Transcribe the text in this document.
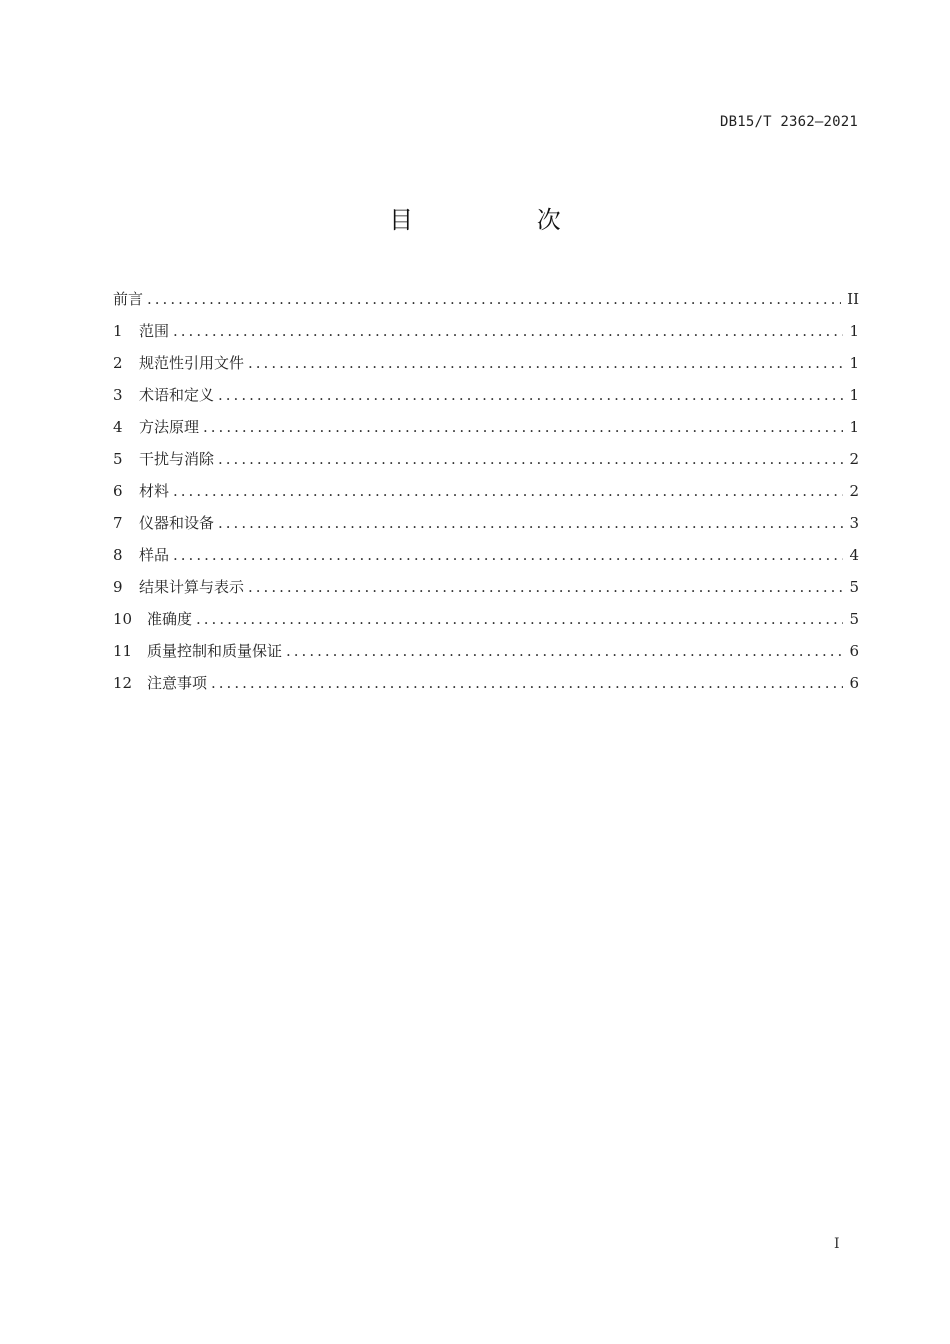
DB15/T 2362—2021
目 次
前言 .....	II
1	范围 .....	1
2	规范性引用文件 .....	1
3	术语和定义 .....	1
4	方法原理 .....	1
5	干扰与消除 .....	2
6	材料 .....	2
7	仪器和设备 .....	3
8	样品 .....	4
9	结果计算与表示 .....	5
10 准确度 .....	5
11 质量控制和质量保证 .....	6
12 注意事项 .....	6
I
